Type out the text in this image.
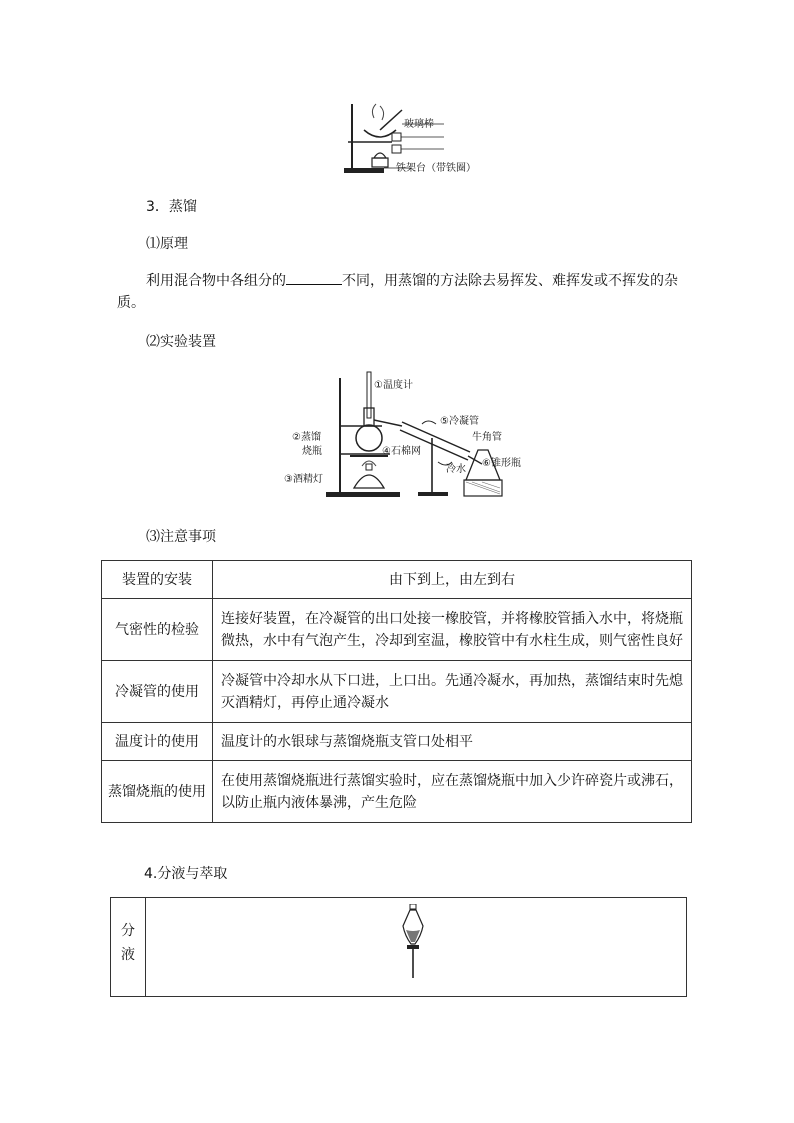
玻璃棒
铁架台（带铁圈）
3．蒸馏
⑴原理
利用混合物中各组分的	不同，用蒸馏的方法除去易挥发、难挥发或不挥发的杂
质。
⑵实验装置
①温度计
②蒸馏
烧瓶	④石棉网
③酒精灯
⑤冷凝管
牛角管
冷水
⑥锥形瓶
⑶注意事项
装置的安装	由下到上，由左到右
气密性的检验	连接好装置，在冷凝管的出口处接一橡胶管，并将橡胶管插入水中，将烧瓶微热，水中有气泡产生，冷却到室温，橡胶管中有水柱生成，则气密性良好
冷凝管的使用	冷凝管中冷却水从下口进，上口出。先通冷凝水，再加热，蒸馏结束时先熄灭酒精灯，再停止通冷凝水
温度计的使用	温度计的水银球与蒸馏烧瓶支管口处相平
蒸馏烧瓶的使用	在使用蒸馏烧瓶进行蒸馏实验时，应在蒸馏烧瓶中加入少许碎瓷片或沸石，以防止瓶内液体暴沸，产生危险
4.分液与萃取
分
液
